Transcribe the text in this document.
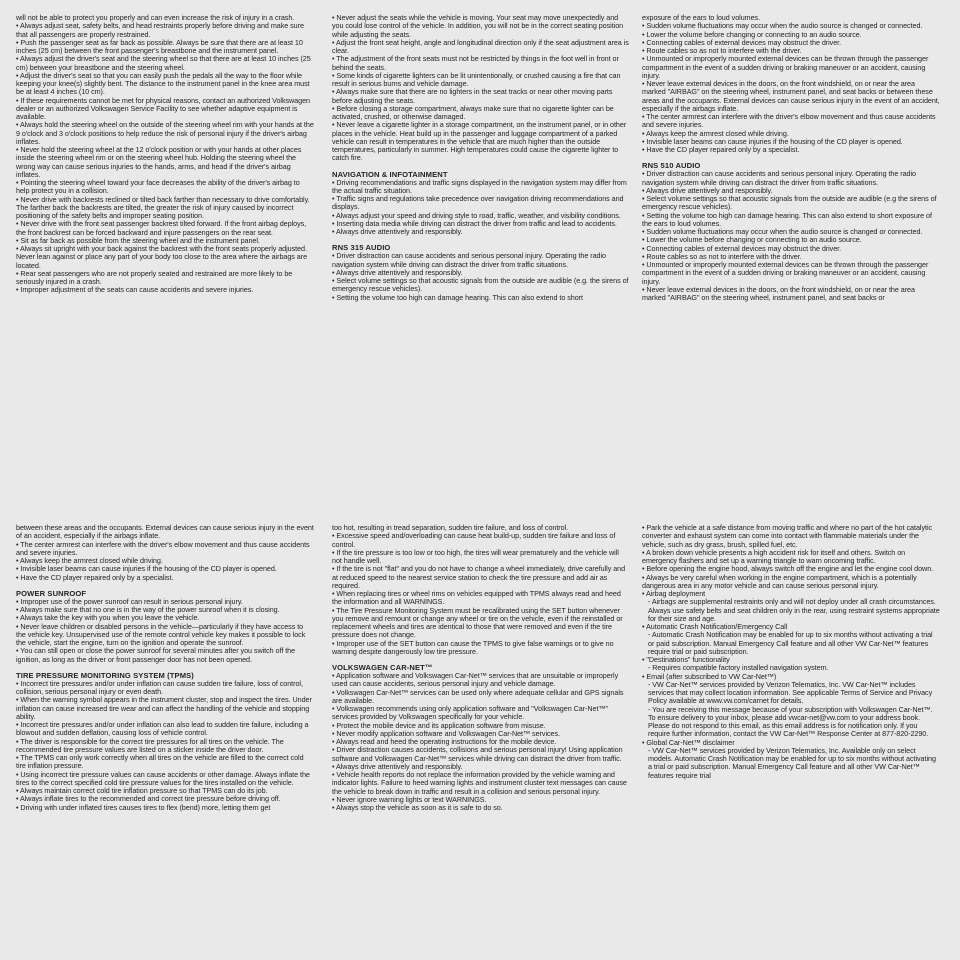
will not be able to protect you properly and can even increase the risk of injury in a crash.

• Always adjust seat, safety belts, and head restraints properly before driving and make sure that all passengers are properly restrained.

• Push the passenger seat as far back as possible. Always be sure that there are at least 10 inches (25 cm) between the front passenger's breastbone and the instrument panel.

• Always adjust the driver's seat and the steering wheel so that there are at least 10 inches (25 cm) between your breastbone and the steering wheel.

• Adjust the driver's seat so that you can easily push the pedals all the way to the floor while keeping your knee(s) slightly bent. The distance to the instrument panel in the knee area must be at least 4 inches (10 cm).

• If these requirements cannot be met for physical reasons, contact an authorized Volkswagen dealer or an authorized Volkswagen Service Facility to see whether adaptive equipment is available.

• Always hold the steering wheel on the outside of the steering wheel rim with your hands at the 9 o'clock and 3 o'clock positions to help reduce the risk of personal injury if the driver's airbag inflates.

• Never hold the steering wheel at the 12 o'clock position or with your hands at other places inside the steering wheel rim or on the steering wheel hub. Holding the steering wheel the wrong way can cause serious injuries to the hands, arms, and head if the driver's airbag inflates.

• Pointing the steering wheel toward your face decreases the ability of the driver's airbag to help protect you in a collision.

• Never drive with backrests reclined or tilted back farther than necessary to drive comfortably. The farther back the backrests are tilted, the greater the risk of injury caused by incorrect positioning of the safety belts and improper seating position.

• Never drive with the front seat passenger backrest tilted forward. If the front airbag deploys, the front backrest can be forced backward and injure passengers on the rear seat.

• Sit as far back as possible from the steering wheel and the instrument panel.

• Always sit upright with your back against the backrest with the front seats properly adjusted. Never lean against or place any part of your body too close to the area where the airbags are located.

• Rear seat passengers who are not properly seated and restrained are more likely to be seriously injured in a crash.

• Improper adjustment of the seats can cause accidents and severe injuries.

• Never adjust the seats while the vehicle is moving. Your seat may move unexpectedly and you could lose control of the vehicle. In addition, you will not be in the correct seating position while adjusting the seats.

• Adjust the front seat height, angle and longitudinal direction only if the seat adjustment area is clear.

• The adjustment of the front seats must not be restricted by things in the foot well in front or behind the seats.

• Some kinds of cigarette lighters can be lit unintentionally, or crushed causing a fire that can result in serious burns and vehicle damage.

• Always make sure that there are no lighters in the seat tracks or near other moving parts before adjusting the seats.

• Before closing a storage compartment, always make sure that no cigarette lighter can be activated, crushed, or otherwise damaged.

• Never leave a cigarette lighter in a storage compartment, on the instrument panel, or in other places in the vehicle. Heat build up in the passenger and luggage compartment of a parked vehicle can result in temperatures in the vehicle that are much higher than the outside temperatures, particularly in summer. High temperatures could cause the cigarette lighter to catch fire.

NAVIGATION & INFOTAINMENT

• Driving recommendations and traffic signs displayed in the navigation system may differ from the actual traffic situation.

• Traffic signs and regulations take precedence over navigation driving recommendations and displays.

• Always adjust your speed and driving style to road, traffic, weather, and visibility conditions.

• Inserting data media while driving can distract the driver from traffic and lead to accidents.

• Always drive attentively and responsibly.

RNS 315 AUDIO

• Driver distraction can cause accidents and serious personal injury. Operating the radio navigation system while driving can distract the driver from traffic situations.

• Always drive attentively and responsibly.

• Select volume settings so that acoustic signals from the outside are audible (e.g. the sirens of emergency rescue vehicles).

• Setting the volume too high can damage hearing. This can also extend to short

exposure of the ears to loud volumes.

• Sudden volume fluctuations may occur when the audio source is changed or connected.

• Lower the volume before changing or connecting to an audio source.

• Connecting cables of external devices may obstruct the driver.

• Route cables so as not to interfere with the driver.

• Unmounted or improperly mounted external devices can be thrown through the passenger compartment in the event of a sudden driving or braking maneuver or an accident, causing injury.

• Never leave external devices in the doors, on the front windshield, on or near the area marked "AIRBAG" on the steering wheel, instrument panel, and seat backs or between these areas and the occupants. External devices can cause serious injury in the event of an accident, especially if the airbags inflate.

• The center armrest can interfere with the driver's elbow movement and thus cause accidents and severe injuries.

• Always keep the armrest closed while driving.

• Invisible laser beams can cause injuries if the housing of the CD player is opened.

• Have the CD player repaired only by a specialist.

RNS 510 AUDIO

• Driver distraction can cause accidents and serious personal injury. Operating the radio navigation system while driving can distract the driver from traffic situations.

• Always drive attentively and responsibly.

• Select volume settings so that acoustic signals from the outside are audible (e.g the sirens of emergency rescue vehicles).

• Setting the volume too high can damage hearing. This can also extend to short exposure of the ears to loud volumes.

• Sudden volume fluctuations may occur when the audio source is changed or connected.

• Lower the volume before changing or connecting to an audio source.

• Connecting cables of external devices may obstruct the driver.

• Route cables so as not to interfere with the driver.

• Unmounted or improperly mounted external devices can be thrown through the passenger compartment in the event of a sudden driving or braking maneuver or an accident, causing injury.

• Never leave external devices in the doors, on the front windshield, on or near the area marked "AIRBAG" on the steering wheel, instrument panel, and seat backs or

between these areas and the occupants. External devices can cause serious injury in the event of an accident, especially if the airbags inflate.

• The center armrest can interfere with the driver's elbow movement and thus cause accidents and severe injuries.

• Always keep the armrest closed while driving.

• Invisible laser beams can cause injuries if the housing of the CD player is opened.

• Have the CD player repaired only by a specialist.

POWER SUNROOF

• Improper use of the power sunroof can result in serious personal injury.

• Always make sure that no one is in the way of the power sunroof when it is closing.

• Always take the key with you when you leave the vehicle.

• Never leave children or disabled persons in the vehicle—particularly if they have access to the vehicle key. Unsupervised use of the remote control vehicle key makes it possible to lock the vehicle, start the engine, turn on the ignition and operate the sunroof.

• You can still open or close the power sunroof for several minutes after you switch off the ignition, as long as the driver or front passenger door has not been opened.

TIRE PRESSURE MONITORING SYSTEM (TPMS)

• Incorrect tire pressures and/or under inflation can cause sudden tire failure, loss of control, collision, serious personal injury or even death.

• When the warning symbol appears in the instrument cluster, stop and inspect the tires. Under inflation can cause increased tire wear and can affect the handling of the vehicle and stopping ability.

• Incorrect tire pressures and/or under inflation can also lead to sudden tire failure, including a blowout and sudden deflation, causing loss of vehicle control.

• The driver is responsible for the correct tire pressures for all tires on the vehicle. The recommended tire pressure values are listed on a sticker inside the driver door.

• The TPMS can only work correctly when all tires on the vehicle are filled to the correct cold tire inflation pressure.

• Using incorrect tire pressure values can cause accidents or other damage. Always inflate the tires to the correct specified cold tire pressure values for the tires installed on the vehicle.

• Always maintain correct cold tire inflation pressure so that TPMS can do its job.

• Always inflate tires to the recommended and correct tire pressure before driving off.

• Driving with under inflated tires causes tires to flex (bend) more, letting them get

too hot, resulting in tread separation, sudden tire failure, and loss of control.

• Excessive speed and/overloading can cause heat build-up, sudden tire failure and loss of control.

• If the tire pressure is too low or too high, the tires will wear prematurely and the vehicle will not handle well.

• If the tire is not "flat" and you do not have to change a wheel immediately, drive carefully and at reduced speed to the nearest service station to check the tire pressure and add air as required.

• When replacing tires or wheel rims on vehicles equipped with TPMS always read and heed the information and all WARNINGS.

• The Tire Pressure Monitoring System must be recalibrated using the SET button whenever you remove and remount or change any wheel or tire on the vehicle, even if the reinstalled or replacement wheels and tires are identical to those that were removed and even if the tire pressure does not change.

• Improper use of the SET button can cause the TPMS to give false warnings or to give no warning despite dangerously low tire pressure.

VOLKSWAGEN CAR-NET™

• Application software and Volkswagen Car-Net™ services that are unsuitable or improperly used can cause accidents, serious personal injury and vehicle damage.

• Volkswagen Car-Net™ services can be used only where adequate cellular and GPS signals are available.

• Volkswagen recommends using only application software and "Volkswagen Car-Net™" services provided by Volkswagen specifically for your vehicle.

• Protect the mobile device and its application software from misuse.

• Never modify application software and Volkswagen Car-Net™ services.

• Always read and heed the operating instructions for the mobile device.

• Driver distraction causes accidents, collisions and serious personal injury! Using application software and Volkswagen Car-Net™ services while driving can distract the driver from traffic.

• Always drive attentively and responsibly.

• Vehicle health reports do not replace the information provided by the vehicle warning and indicator lights. Failure to heed warning lights and instrument cluster text messages can cause the vehicle to break down in traffic and result in a collision and serious personal injury.

• Never ignore warning lights or text WARNINGS.

• Always stop the vehicle as soon as it is safe to do so.

• Park the vehicle at a safe distance from moving traffic and where no part of the hot catalytic converter and exhaust system can come into contact with flammable materials under the vehicle, such as dry grass, brush, spilled fuel, etc.

• A broken down vehicle presents a high accident risk for itself and others. Switch on emergency flashers and set up a warning triangle to warn oncoming traffic.

• Before opening the engine hood, always switch off the engine and let the engine cool down.

• Always be very careful when working in the engine compartment, which is a potentially dangerous area in any motor vehicle and can cause serious personal injury.

• Airbag deployment

- Airbags are supplemental restraints only and will not deploy under all crash circumstances. Always use safety belts and seat children only in the rear, using restraint systems appropriate for their size and age.

• Automatic Crash Notification/Emergency Call

- Automatic Crash Notification may be enabled for up to six months without activating a trial or paid subscription. Manual Emergency Call feature and all other VW Car-Net™ features require trial or paid subscription.

• "Destinations" functionality

- Requires compatible factory installed navigation system.

• Email (after subscribed to VW Car-Net™)

- VW Car-Net™ services provided by Verizon Telematics, Inc. VW Car-Net™ includes services that may collect location information. See applicable Terms of Service and Privacy Policy available at www.vw.com/carnet for details.

- You are receiving this message because of your subscription with Volkswagen Car-Net™. To ensure delivery to your inbox, please add vwcar-net@vw.com to your address book. Please do not respond to this email, as this email address is for notification only. If you require further information, contact the VW Car-Net™ Response Center at 877-820-2290.

• Global Car-Net™ disclaimer

- VW Car-Net™ services provided by Verizon Telematics, Inc. Available only on select models. Automatic Crash Notification may be enabled for up to six months without activating a trial or paid subscription. Manual Emergency Call feature and all other VW Car-Net™ features require trial
